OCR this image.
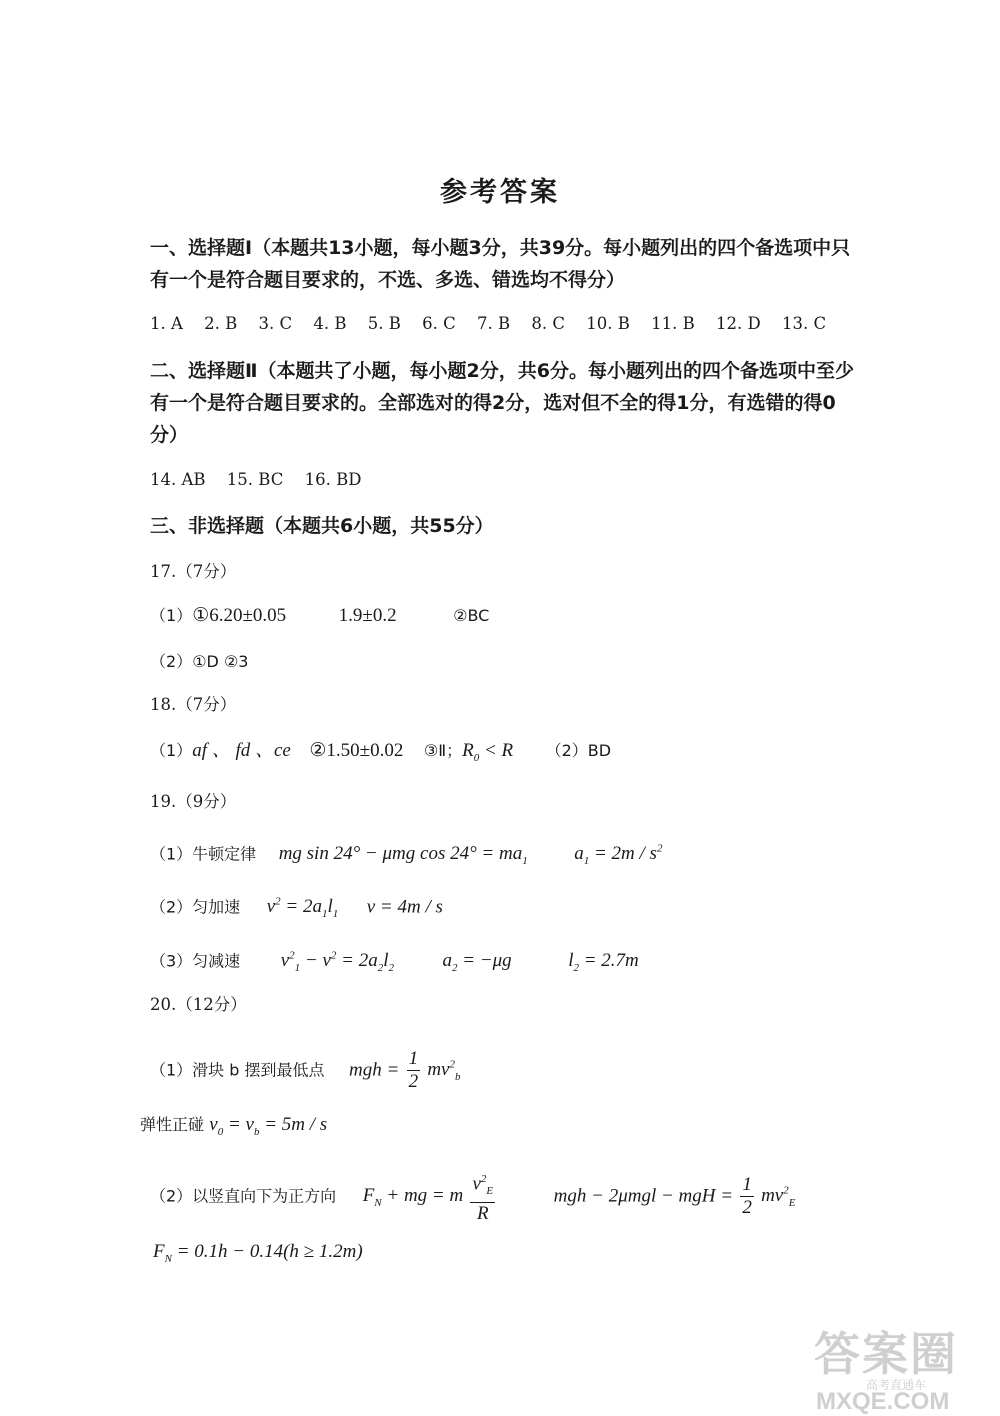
参考答案
一、选择题Ⅰ（本题共13小题，每小题3分，共39分。每小题列出的四个备选项中只有一个是符合题目要求的，不选、多选、错选均不得分）
1. A 2. B 3. C 4. B 5. B 6. C 7. B 8. C 10. B 11. B 12. D 13. C
二、选择题Ⅱ（本题共了小题，每小题2分，共6分。每小题列出的四个备选项中至少有一个是符合题目要求的。全部选对的得2分，选对但不全的得1分，有选错的得0分）
14. AB 15. BC 16. BD
三、非选择题（本题共6小题，共55分）
17.（7分）
（1）①6.20±0.05	1.9±0.2	②BC
（2）①D ②3
18.（7分）
（1）af 、 fd 、ce ②1.50±0.02 ③Ⅱ；$R_0 < R$ （2）BD
19.（9分）
（1）牛顿定律 mg sin 24° − μmg $\cos 24^\circ = ma_1$ $a_1 = 2m / s^2$
（2）匀加速 $v^2 = 2a_1l_1$ v = 4m / s
（3）匀减速 $v^2_1 - v^2 = 2a_2l_2$	$a_2 = -\mu g$	$l_2 = 2.7m$
20.（12分）
（1）滑块 b 摆到最低点 mgh = $\frac{1}{2} mv^2_b$
弹性正碰 $v_0 = v_b = 5m / s$
（2）以竖直向下为正方向 $F_N$ + mg = m $\frac{v^2_E}{R}$	mgh − 2μmgl − mgH = $\frac{1}{2} mv^2_E$
$F_N = 0.1h - 0.14(h \ge 1.2m)$
答案圈
高考直通车
MXQE.COM
